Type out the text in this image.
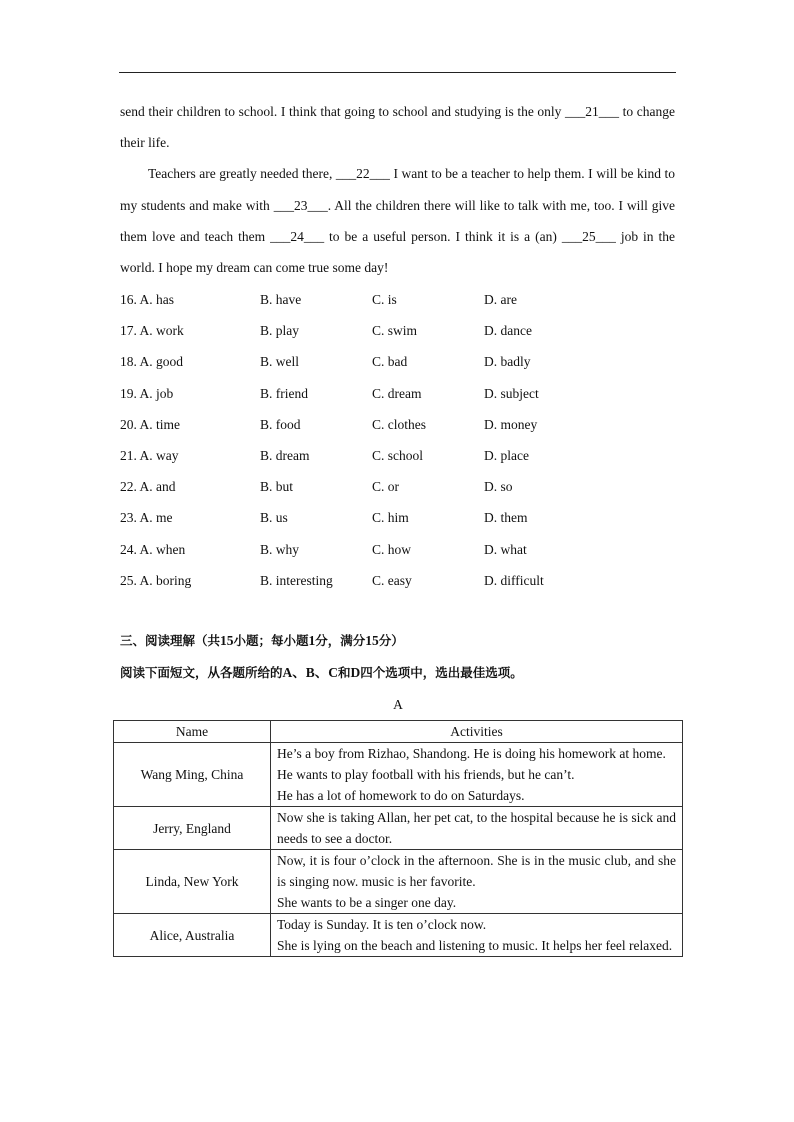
send their children to school. I think that going to school and studying is the only ___21___ to change their life.

Teachers are greatly needed there, ___22___ I want to be a teacher to help them. I will be kind to my students and make with ___23___. All the children there will like to talk with me, too. I will give them love and teach them ___24___ to be a useful person. I think it is a (an) ___25___ job in the world. I hope my dream can come true some day!

16. A. has	B. have	C. is	D. are
17. A. work	B. play	C. swim	D. dance
18. A. good	B. well	C. bad	D. badly
19. A. job	B. friend	C. dream	D. subject
20. A. time	B. food	C. clothes	D. money
21. A. way	B. dream	C. school	D. place
22. A. and	B. but	C. or	D. so
23. A. me	B. us	C. him	D. them
24. A. when	B. why	C. how	D. what
25. A. boring	B. interesting	C. easy	D. difficult
三、阅读理解（共15小题；每小题1分，满分15分）
阅读下面短文，从各题所给的A、B、C和D四个选项中，选出最佳选项。
A
Name	Activities
Wang Ming, China	He’s a boy from Rizhao, Shandong. He is doing his homework at home.
He wants to play football with his friends, but he can’t.
He has a lot of homework to do on Saturdays.

Jerry, England	Now she is taking Allan, her pet cat, to the hospital because he is sick and needs to see a doctor.

Linda, New York	Now, it is four o’clock in the afternoon. She is in the music club, and she is singing now. music is her favorite.
She wants to be a singer one day.

Alice, Australia	Today is Sunday. It is ten o’clock now.
She is lying on the beach and listening to music. It helps her feel relaxed.
